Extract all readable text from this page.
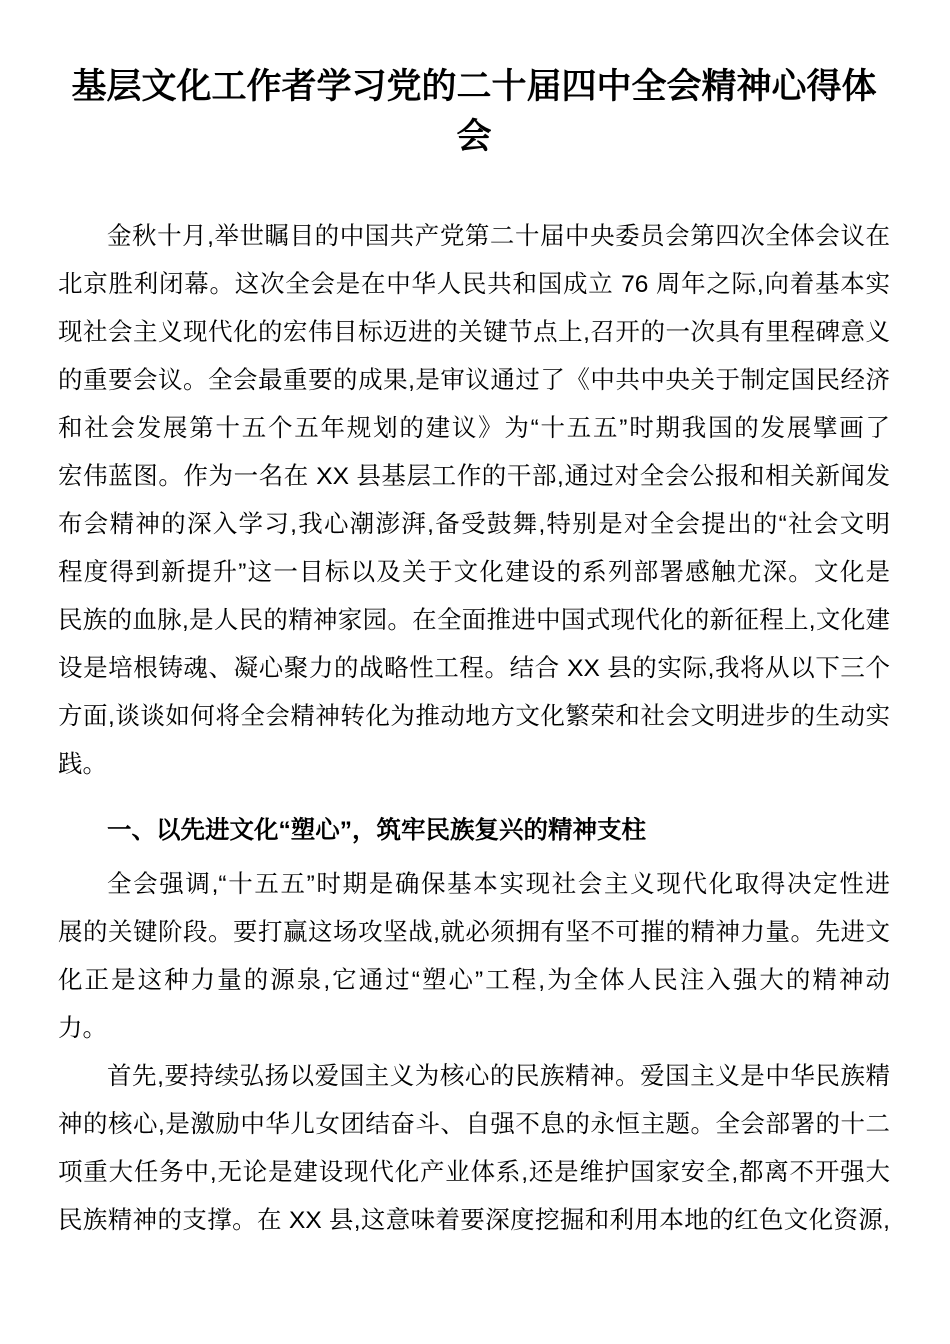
基层文化工作者学习党的二十届四中全会精神心得体会
金秋十月,举世瞩目的中国共产党第二十届中央委员会第四次全体会议在
北京胜利闭幕。这次全会是在中华人民共和国成立 76 周年之际,向着基本实
现社会主义现代化的宏伟目标迈进的关键节点上,召开的一次具有里程碑意义
的重要会议。全会最重要的成果,是审议通过了《中共中央关于制定国民经济
和社会发展第十五个五年规划的建议》为“十五五”时期我国的发展擘画了
宏伟蓝图。作为一名在 XX 县基层工作的干部,通过对全会公报和相关新闻发
布会精神的深入学习,我心潮澎湃,备受鼓舞,特别是对全会提出的“社会文明
程度得到新提升”这一目标以及关于文化建设的系列部署感触尤深。文化是
民族的血脉,是人民的精神家园。在全面推进中国式现代化的新征程上,文化建
设是培根铸魂、凝心聚力的战略性工程。结合 XX 县的实际,我将从以下三个
方面,谈谈如何将全会精神转化为推动地方文化繁荣和社会文明进步的生动实
践。
一、以先进文化“塑心”，筑牢民族复兴的精神支柱
全会强调,“十五五”时期是确保基本实现社会主义现代化取得决定性进
展的关键阶段。要打赢这场攻坚战,就必须拥有坚不可摧的精神力量。先进文
化正是这种力量的源泉,它通过“塑心”工程,为全体人民注入强大的精神动
力。
首先,要持续弘扬以爱国主义为核心的民族精神。爱国主义是中华民族精
神的核心,是激励中华儿女团结奋斗、自强不息的永恒主题。全会部署的十二
项重大任务中,无论是建设现代化产业体系,还是维护国家安全,都离不开强大
民族精神的支撑。在 XX 县,这意味着要深度挖掘和利用本地的红色文化资源,
